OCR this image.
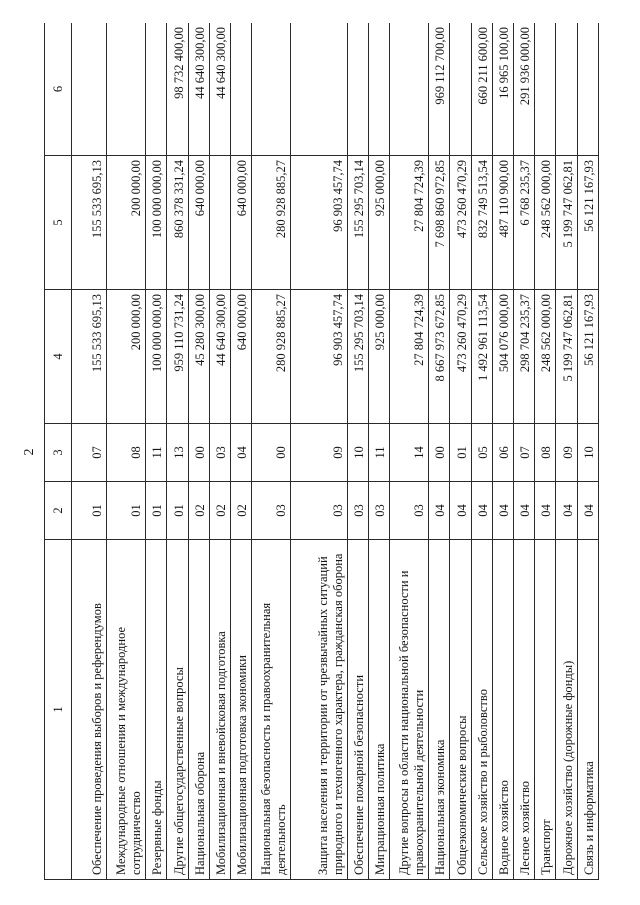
2
1	2	3	4	5	6
Обеспечение проведения выборов и референдумов	01	07	155 533 695,13	155 533 695,13	
Международные отношения и международное сотрудничество	01	08	200 000,00	200 000,00	
Резервные фонды	01	11	100 000 000,00	100 000 000,00	
Другие общегосударственные вопросы	01	13	959 110 731,24	860 378 331,24	98 732 400,00
Национальная оборона	02	00	45 280 300,00	640 000,00	44 640 300,00
Мобилизационная и вневойсковая подготовка	02	03	44 640 300,00		44 640 300,00
Мобилизационная подготовка экономики	02	04	640 000,00	640 000,00	
Национальная безопасность и правоохранительная деятельность	03	00	280 928 885,27	280 928 885,27	
Защита населения и территории от чрезвычайных ситуаций природного и техногенного характера, гражданская оборона	03	09	96 903 457,74	96 903 457,74	
Обеспечение пожарной безопасности	03	10	155 295 703,14	155 295 703,14	
Миграционная политика	03	11	925 000,00	925 000,00	
Другие вопросы в области национальной безопасности и правоохранительной деятельности	03	14	27 804 724,39	27 804 724,39	
Национальная экономика	04	00	8 667 973 672,85	7 698 860 972,85	969 112 700,00
Общеэкономические вопросы	04	01	473 260 470,29	473 260 470,29	
Сельское хозяйство и рыболовство	04	05	1 492 961 113,54	832 749 513,54	660 211 600,00
Водное хозяйство	04	06	504 076 000,00	487 110 900,00	16 965 100,00
Лесное хозяйство	04	07	298 704 235,37	6 768 235,37	291 936 000,00
Транспорт	04	08	248 562 000,00	248 562 000,00	
Дорожное хозяйство (дорожные фонды)	04	09	5 199 747 062,81	5 199 747 062,81	
Связь и информатика	04	10	56 121 167,93	56 121 167,93	
